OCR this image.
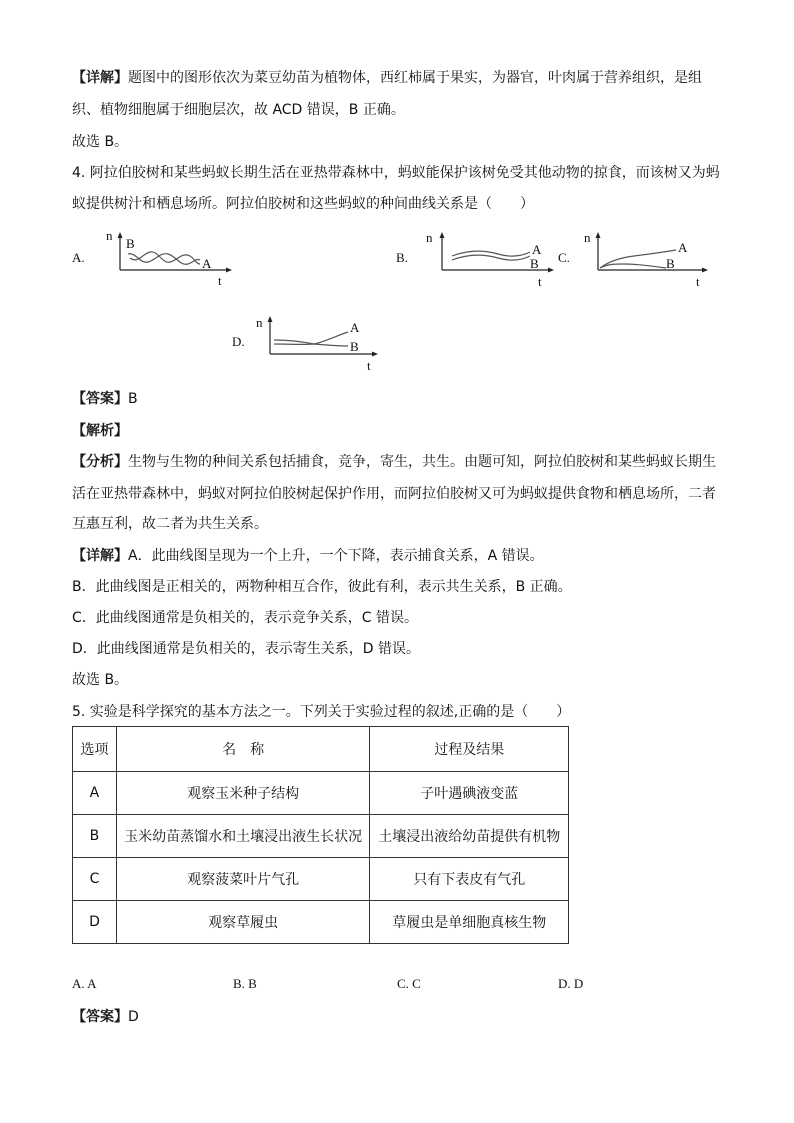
【详解】题图中的图形依次为菜豆幼苗为植物体，西红柿属于果实，为器官，叶肉属于营养组织，是组
织、植物细胞属于细胞层次，故 ACD 错误，B 正确。
故选 B。
4. 阿拉伯胶树和某些蚂蚁长期生活在亚热带森林中，蚂蚁能保护该树免受其他动物的掠食，而该树又为蚂
蚁提供树汁和栖息场所。阿拉伯胶树和这些蚂蚁的种间曲线关系是（　　）
A.
n
t
B
A	B.
n
t
A
B C.
n
t
A
B
D.
n
t
A
B
【答案】B
【解析】
【分析】生物与生物的种间关系包括捕食，竞争，寄生，共生。由题可知，阿拉伯胶树和某些蚂蚁长期生
活在亚热带森林中，蚂蚁对阿拉伯胶树起保护作用，而阿拉伯胶树又可为蚂蚁提供食物和栖息场所，二者
互惠互利，故二者为共生关系。
【详解】A．此曲线图呈现为一个上升，一个下降，表示捕食关系，A 错误。
B．此曲线图是正相关的，两物种相互合作，彼此有利，表示共生关系，B 正确。
C．此曲线图通常是负相关的，表示竞争关系，C 错误。
D．此曲线图通常是负相关的，表示寄生关系，D 错误。
故选 B。
5. 实验是科学探究的基本方法之一。下列关于实验过程的叙述,正确的是（　　）
选项	名　称	过程及结果
A	观察玉米种子结构	子叶遇碘液变蓝
B	玉米幼苗蒸馏水和土壤浸出液生长状况	土壤浸出液给幼苗提供有机物
C	观察菠菜叶片气孔	只有下表皮有气孔
D	观察草履虫	草履虫是单细胞真核生物
A. A	B. B	C. C	D. D
【答案】D
